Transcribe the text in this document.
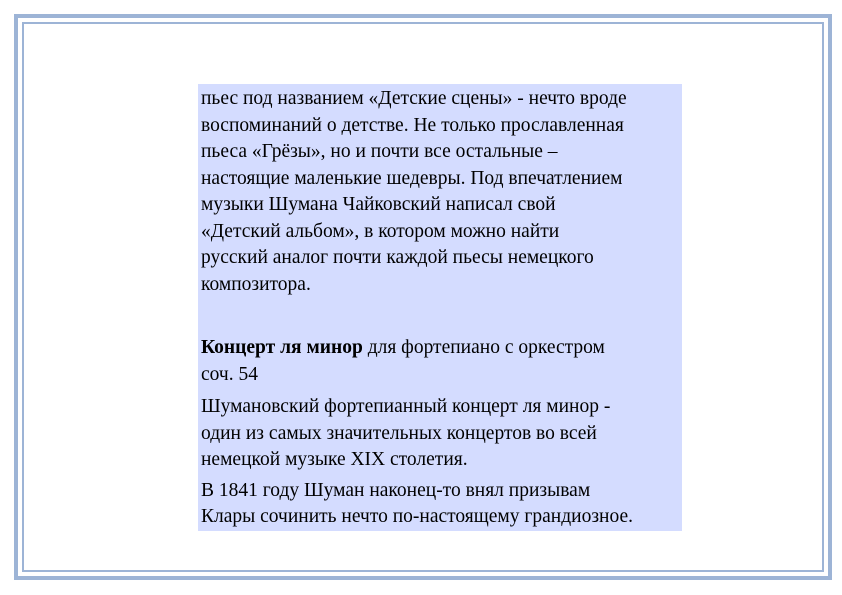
пьес под названием «Детские сцены» - нечто вроде
воспоминаний о детстве. Не только прославленная
пьеса «Грёзы», но и почти все остальные –
настоящие маленькие шедевры. Под впечатлением
музыки Шумана Чайковский написал свой
«Детский альбом», в котором можно найти
русский аналог почти каждой пьесы немецкого
композитора.

Концерт ля минор для фортепиано с оркестром
соч. 54

Шумановский фортепианный концерт ля минор -
один из самых значительных концертов во всей
немецкой музыке XIX столетия.

В 1841 году Шуман наконец-то внял призывам
Клары сочинить нечто по-настоящему грандиозное.
